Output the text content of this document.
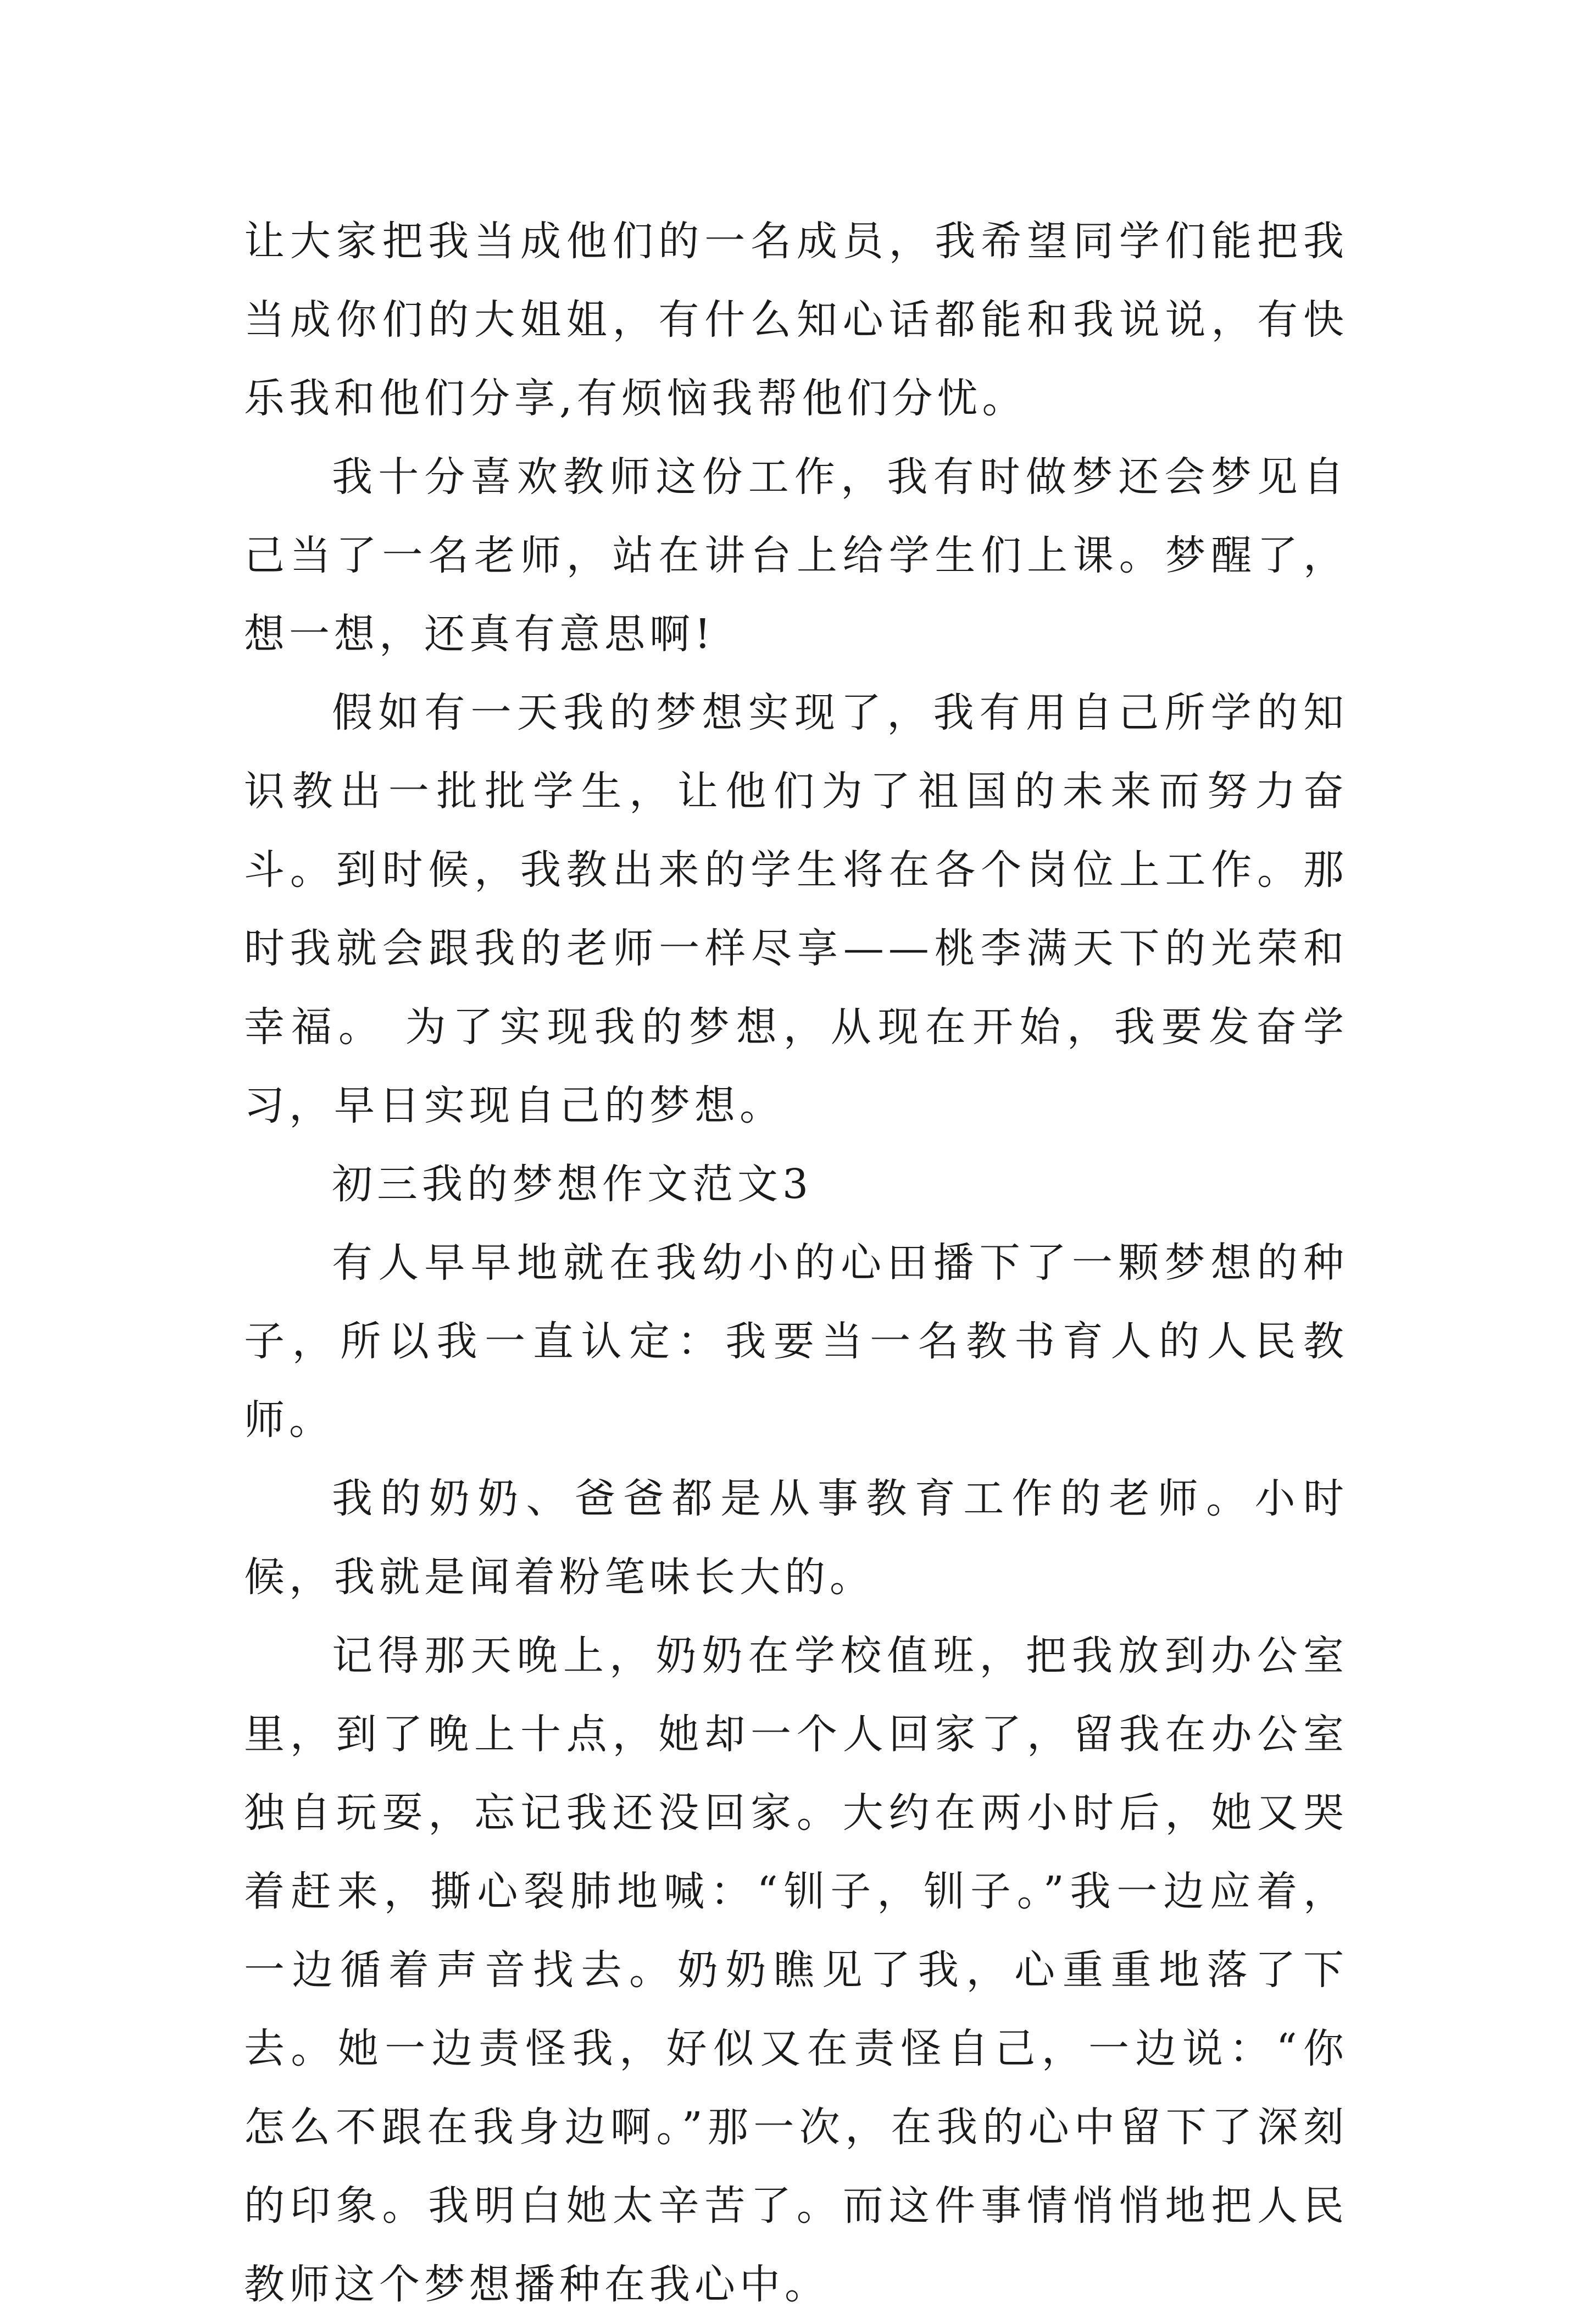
让大家把我当成他们的一名成员，我希望同学们能把我当成你们的大姐姐，有什么知心话都能和我说说，有快乐我和他们分享,有烦恼我帮他们分忧。

我十分喜欢教师这份工作，我有时做梦还会梦见自己当了一名老师，站在讲台上给学生们上课。梦醒了，想一想，还真有意思啊!

假如有一天我的梦想实现了，我有用自己所学的知识教出一批批学生，让他们为了祖国的未来而努力奋斗。到时候，我教出来的学生将在各个岗位上工作。那时我就会跟我的老师一样尽享——桃李满天下的光荣和幸福。 为了实现我的梦想，从现在开始，我要发奋学习，早日实现自己的梦想。

初三我的梦想作文范文3

有人早早地就在我幼小的心田播下了一颗梦想的种子，所以我一直认定：我要当一名教书育人的人民教师。

我的奶奶、爸爸都是从事教育工作的老师。小时候，我就是闻着粉笔味长大的。

记得那天晚上，奶奶在学校值班，把我放到办公室里，到了晚上十点，她却一个人回家了，留我在办公室独自玩耍，忘记我还没回家。大约在两小时后，她又哭着赶来，撕心裂肺地喊：“钏子，钏子。”我一边应着，一边循着声音找去。奶奶瞧见了我，心重重地落了下去。她一边责怪我，好似又在责怪自己，一边说：“你怎么不跟在我身边啊。”那一次，在我的心中留下了深刻的印象。我明白她太辛苦了。而这件事情悄悄地把人民教师这个梦想播种在我心中。
